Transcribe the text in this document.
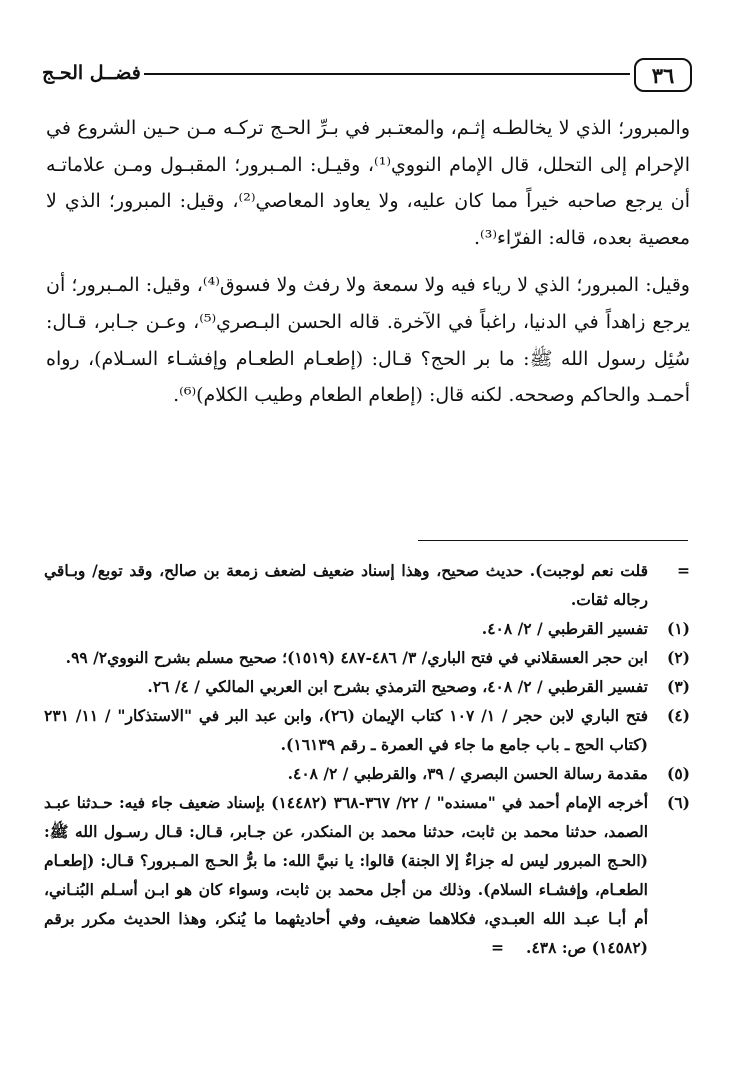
٣٦
فضــل الحـج

والمبرور؛ الذي لا يخالطـه إثـم، والمعتـبر في بـرِّ الحـج تركـه مـن حـين الشروع في الإحرام إلى التحلل، قال الإمام النووي⁽¹⁾، وقيـل: المـبرور؛ المقبـول ومـن علاماتـه أن يرجع صاحبه خيراً مما كان عليه، ولا يعاود المعاصي⁽²⁾، وقيل: المبرور؛ الذي لا معصية بعده، قاله: الفرّاء⁽³⁾.

وقيل: المبرور؛ الذي لا رياء فيه ولا سمعة ولا رفث ولا فسوق⁽⁴⁾، وقيل: المـبرور؛ أن يرجع زاهداً في الدنيا، راغباً في الآخرة. قاله الحسن البـصري⁽⁵⁾، وعـن جـابر، قـال: سُئِل رسول الله ﷺ: ما بر الحج؟ قـال: (إطعـام الطعـام وإفشـاء السـلام)، رواه أحمـد والحاكم وصححه. لكنه قال: (إطعام الطعام وطيب الكلام)⁽⁶⁾.

=
قلت نعم لوجبت). حديث صحيح، وهذا إسناد ضعيف لضعف زمعة بن صالح، وقد توبع/ وبـاقي رجاله ثقات.
(١)
تفسير القرطبي / ٢/ ٤٠٨.
(٢)
ابن حجر العسقلاني في فتح الباري/ ٣/ ٤٨٦-٤٨٧ (١٥١٩)؛ صحيح مسلم بشرح النووي٢/ ٩٩.
(٣)
تفسير القرطبي / ٢/ ٤٠٨، وصحيح الترمذي بشرح ابن العربي المالكي / ٤/ ٢٦.
(٤)
فتح الباري لابن حجر / ١/ ١٠٧ كتاب الإيمان (٢٦)، وابن عبد البر في "الاستذكار" / ١١/ ٢٣١ (كتاب الحج ـ باب جامع ما جاء في العمرة ـ رقم ١٦١٣٩).
(٥)
مقدمة رسالة الحسن البصري / ٣٩، والقرطبي / ٢/ ٤٠٨.
(٦)
أخرجه الإمام أحمد في "مسنده" / ٢٢/ ٣٦٧-٣٦٨ (١٤٤٨٢) بإسناد ضعيف جاء فيه: حـدثنا عبـد الصمد، حدثنا محمد بن ثابت، حدثنا محمد بن المنكدر، عن جـابر، قـال: قـال رسـول الله ﷺ: (الحـج المبرور ليس له جزاءٌ إلا الجنة) قالوا: يا نبيَّ الله: ما برُّ الحـج المـبرور؟ قـال: (إطعـام الطعـام، وإفشـاء السلام). وذلك من أجل محمد بن ثابت، وسواء كان هو ابـن أسـلم البُنـاني، أم أبـا عبـد الله العبـدي، فكلاهما ضعيف، وفي أحاديثهما ما يُنكر، وهذا الحديث مكرر برقم (١٤٥٨٢) ص: ٤٣٨.=
